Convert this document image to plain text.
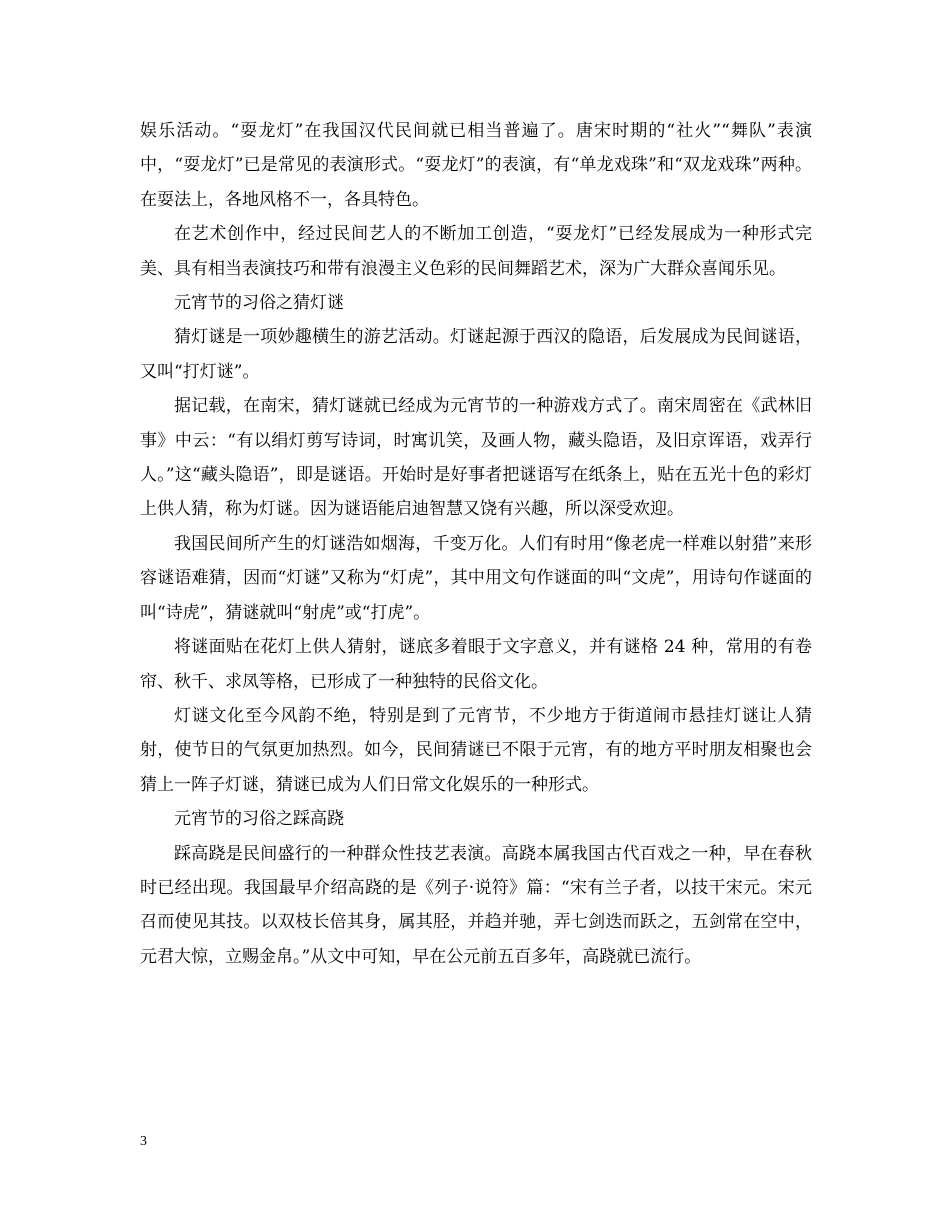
娱乐活动。“耍龙灯”在我国汉代民间就已相当普遍了。唐宋时期的“社火”“舞队”表演中，“耍龙灯”已是常见的表演形式。“耍龙灯”的表演，有“单龙戏珠”和“双龙戏珠”两种。在耍法上，各地风格不一，各具特色。

在艺术创作中，经过民间艺人的不断加工创造，“耍龙灯”已经发展成为一种形式完美、具有相当表演技巧和带有浪漫主义色彩的民间舞蹈艺术，深为广大群众喜闻乐见。

元宵节的习俗之猜灯谜

猜灯谜是一项妙趣横生的游艺活动。灯谜起源于西汉的隐语，后发展成为民间谜语，又叫“打灯谜”。

据记载，在南宋，猜灯谜就已经成为元宵节的一种游戏方式了。南宋周密在《武林旧事》中云：“有以绢灯剪写诗词，时寓讥笑，及画人物，藏头隐语，及旧京诨语，戏弄行人。”这“藏头隐语”，即是谜语。开始时是好事者把谜语写在纸条上，贴在五光十色的彩灯上供人猜，称为灯谜。因为谜语能启迪智慧又饶有兴趣，所以深受欢迎。

我国民间所产生的灯谜浩如烟海，千变万化。人们有时用“像老虎一样难以射猎”来形容谜语难猜，因而“灯谜”又称为“灯虎”，其中用文句作谜面的叫“文虎”，用诗句作谜面的叫“诗虎”，猜谜就叫“射虎”或“打虎”。

将谜面贴在花灯上供人猜射，谜底多着眼于文字意义，并有谜格 24 种，常用的有卷帘、秋千、求凤等格，已形成了一种独特的民俗文化。

灯谜文化至今风韵不绝，特别是到了元宵节，不少地方于街道闹市悬挂灯谜让人猜射，使节日的气氛更加热烈。如今，民间猜谜已不限于元宵，有的地方平时朋友相聚也会猜上一阵子灯谜，猜谜已成为人们日常文化娱乐的一种形式。

元宵节的习俗之踩高跷

踩高跷是民间盛行的一种群众性技艺表演。高跷本属我国古代百戏之一种，早在春秋时已经出现。我国最早介绍高跷的是《列子·说符》篇：“宋有兰子者，以技干宋元。宋元召而使见其技。以双枝长倍其身，属其胫，并趋并驰，弄七剑迭而跃之，五剑常在空中，元君大惊，立赐金帛。”从文中可知，早在公元前五百多年，高跷就已流行。

3
